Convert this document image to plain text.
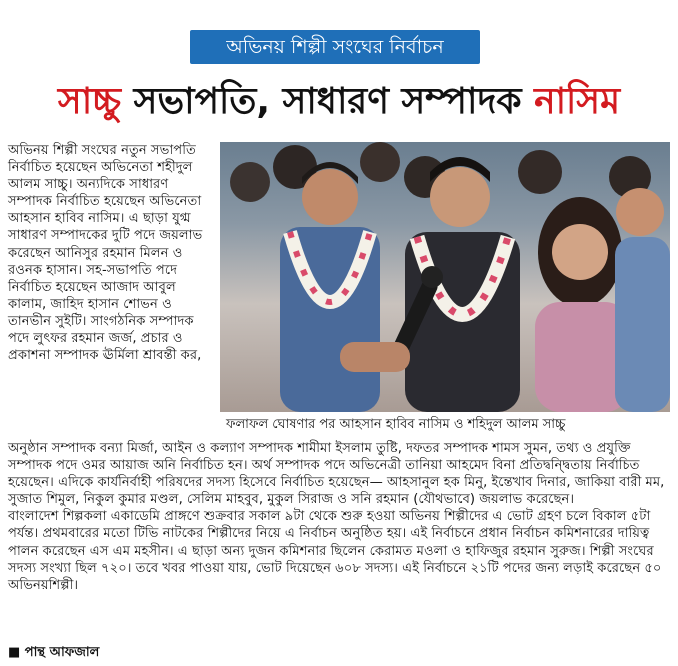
অভিনয় শিল্পী সংঘের নির্বাচন
সাচ্চু সভাপতি, সাধারণ সম্পাদক নাসিম

অভিনয় শিল্পী সংঘের নতুন সভাপতি নির্বাচিত হয়েছেন অভিনেতা শহীদুল আলম সাচ্চু। অন্যদিকে সাধারণ সম্পাদক নির্বাচিত হয়েছেন অভিনেতা আহসান হাবিব নাসিম। এ ছাড়া যুগ্ম সাধারণ সম্পাদকের দুটি পদে জয়লাভ করেছেন আনিসুর রহমান মিলন ও রওনক হাসান। সহ-সভাপতি পদে নির্বাচিত হয়েছেন আজাদ আবুল কালাম, জাহিদ হাসান শোভন ও তানভীন সুইটি। সাংগঠনিক সম্পাদক পদে লুৎফর রহমান জর্জ, প্রচার ও প্রকাশনা সম্পাদক ঊর্মিলা শ্রাবন্তী কর,

ফলাফল ঘোষণার পর আহসান হাবিব নাসিম ও শহিদুল আলম সাচ্চু

অনুষ্ঠান সম্পাদক বন্যা মির্জা, আইন ও কল্যাণ সম্পাদক শামীমা ইসলাম তুষ্টি, দফতর সম্পাদক শামস সুমন, তথ্য ও প্রযুক্তি সম্পাদক পদে ওমর আয়াজ অনি নির্বাচিত হন। অর্থ সম্পাদক পদে অভিনেত্রী তানিয়া আহমেদ বিনা প্রতিদ্বন্দ্বিতায় নির্বাচিত হয়েছেন। এদিকে কার্যনির্বাহী পরিষদের সদস্য হিসেবে নির্বাচিত হয়েছেন— আহসানুল হক মিনু, ইন্তেখাব দিনার, জাকিয়া বারী মম, সুজাত শিমুল, নিকুল কুমার মণ্ডল, সেলিম মাহবুব, মুকুল সিরাজ ও সনি রহমান (যৌথভাবে) জয়লাভ করেছেন।

বাংলাদেশ শিল্পকলা একাডেমি প্রাঙ্গণে শুক্রবার সকাল ৯টা থেকে শুরু হওয়া অভিনয় শিল্পীদের এ ভোট গ্রহণ চলে বিকাল ৫টা পর্যন্ত। প্রথমবারের মতো টিভি নাটকের শিল্পীদের নিয়ে এ নির্বাচন অনুষ্ঠিত হয়। এই নির্বাচনে প্রধান নির্বাচন কমিশনারের দায়িত্ব পালন করেছেন এস এম মহসীন। এ ছাড়া অন্য দুজন কমিশনার ছিলেন কেরামত মওলা ও হাফিজুর রহমান সুরুজ। শিল্পী সংঘের সদস্য সংখ্যা ছিল ৭২০। তবে খবর পাওয়া যায়, ভোট দিয়েছেন ৬০৮ সদস্য। এই নির্বাচনে ২১টি পদের জন্য লড়াই করেছেন ৫০ অভিনয়শিল্পী।

■ পান্থ আফজাল
